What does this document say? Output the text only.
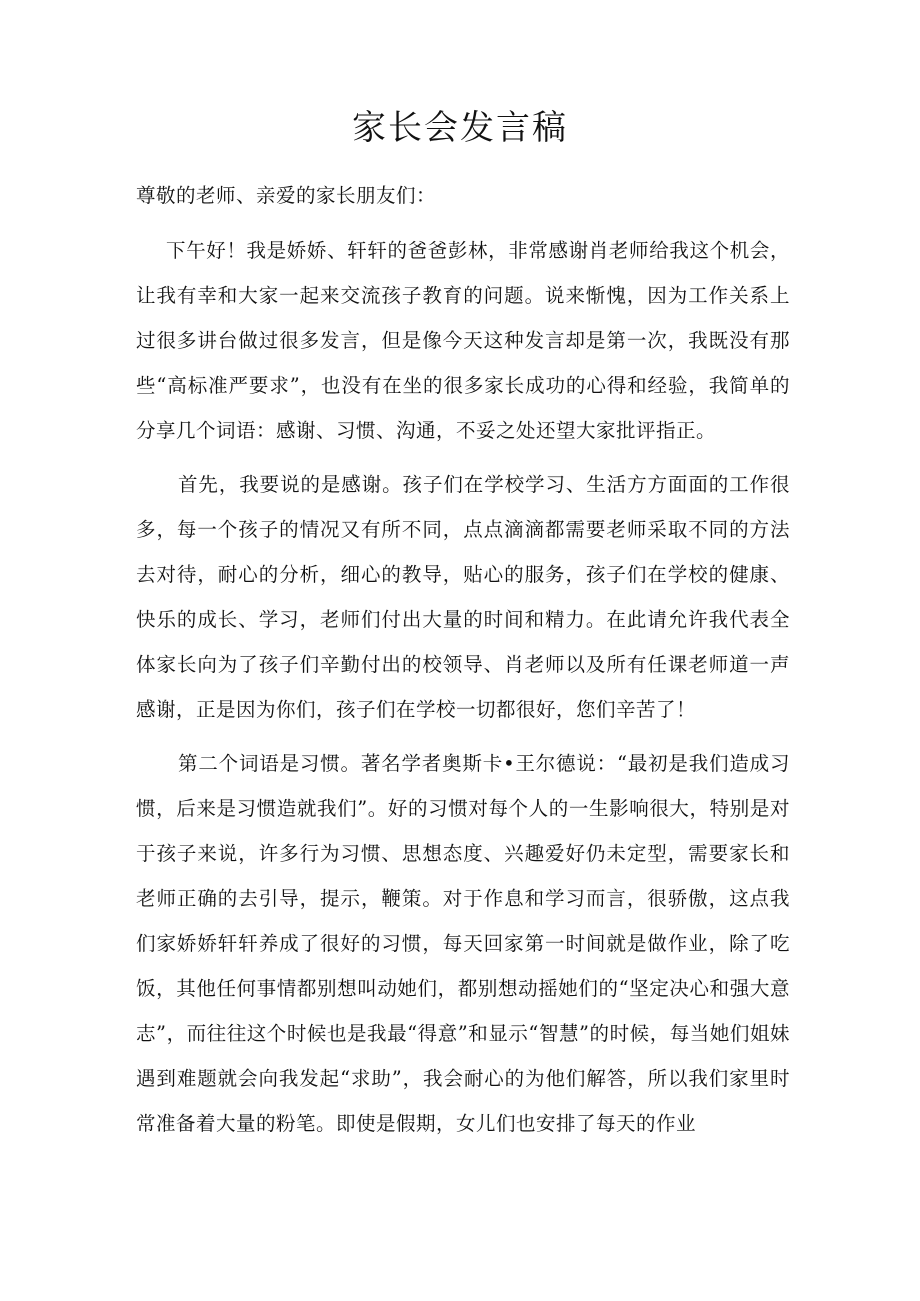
家长会发言稿

尊敬的老师、亲爱的家长朋友们：

下午好！我是娇娇、轩轩的爸爸彭林，非常感谢肖老师给我这个机会，让我有幸和大家一起来交流孩子教育的问题。说来惭愧，因为工作关系上过很多讲台做过很多发言，但是像今天这种发言却是第一次，我既没有那些“高标准严要求”，也没有在坐的很多家长成功的心得和经验，我简单的分享几个词语：感谢、习惯、沟通，不妥之处还望大家批评指正。

首先，我要说的是感谢。孩子们在学校学习、生活方方面面的工作很多，每一个孩子的情况又有所不同，点点滴滴都需要老师采取不同的方法去对待，耐心的分析，细心的教导，贴心的服务，孩子们在学校的健康、快乐的成长、学习，老师们付出大量的时间和精力。在此请允许我代表全体家长向为了孩子们辛勤付出的校领导、肖老师以及所有任课老师道一声感谢，正是因为你们，孩子们在学校一切都很好，您们辛苦了！

第二个词语是习惯。著名学者奥斯卡•王尔德说：“最初是我们造成习惯，后来是习惯造就我们”。好的习惯对每个人的一生影响很大，特别是对于孩子来说，许多行为习惯、思想态度、兴趣爱好仍未定型，需要家长和老师正确的去引导，提示，鞭策。对于作息和学习而言，很骄傲，这点我们家娇娇轩轩养成了很好的习惯，每天回家第一时间就是做作业，除了吃饭，其他任何事情都别想叫动她们，都别想动摇她们的“坚定决心和强大意志”，而往往这个时候也是我最“得意”和显示“智慧”的时候，每当她们姐妹遇到难题就会向我发起“求助”，我会耐心的为他们解答，所以我们家里时常准备着大量的粉笔。即使是假期，女儿们也安排了每天的作业
